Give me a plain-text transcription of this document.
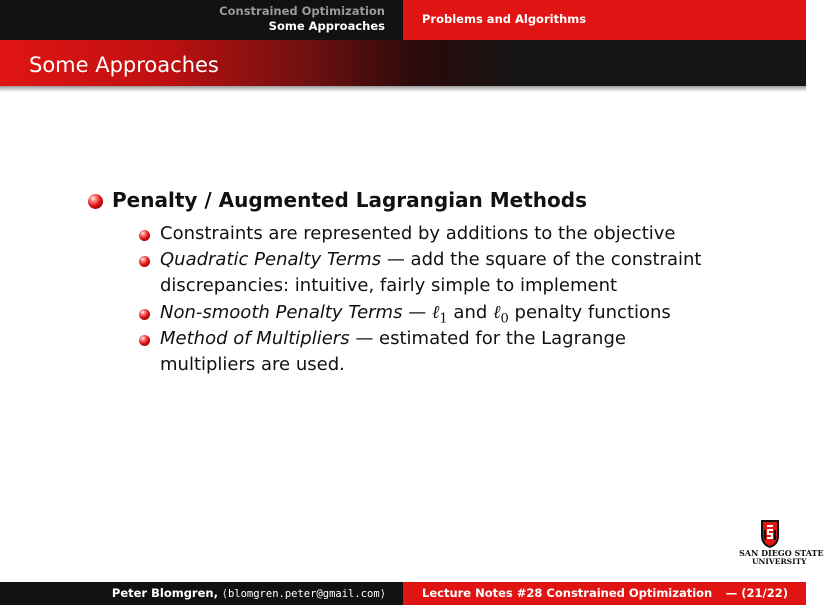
Constrained Optimization
Some Approaches	Problems and Algorithms
Some Approaches
Penalty / Augmented Lagrangian Methods
Constraints are represented by additions to the objective
Quadratic Penalty Terms — add the square of the constraint
discrepancies: intuitive, fairly simple to implement
Non-smooth Penalty Terms — ℓ$_1$ and ℓ$_0$ penalty functions
Method of Multipliers — estimated for the Lagrange
multipliers are used.
SAN DIEGO STATE
UNIVERSITY
Peter Blomgren, ⟨blomgren.peter@gmail.com⟩	Lecture Notes #28 Constrained Optimization — (21/22)
